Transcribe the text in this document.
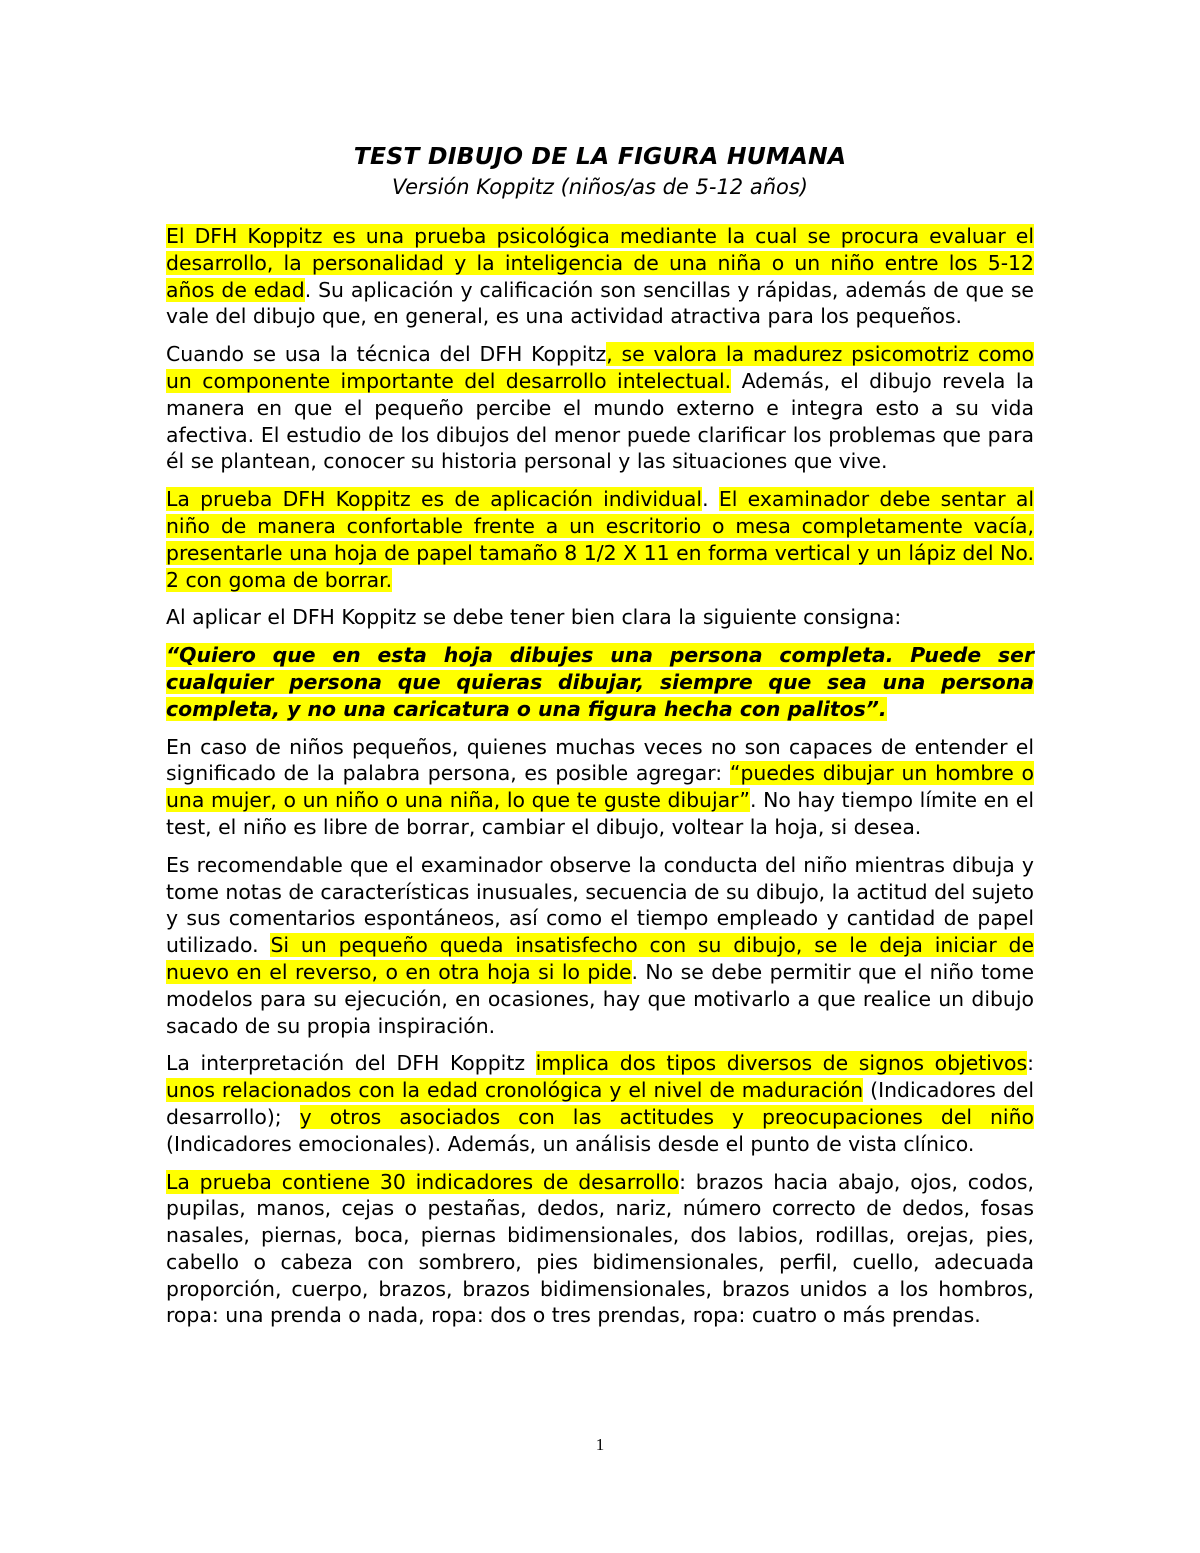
TEST DIBUJO DE LA FIGURA HUMANA
Versión Koppitz (niños/as de 5-12 años)

El DFH Koppitz es una prueba psicológica mediante la cual se procura evaluar el desarrollo, la personalidad y la inteligencia de una niña o un niño entre los 5-12 años de edad. Su aplicación y calificación son sencillas y rápidas, además de que se vale del dibujo que, en general, es una actividad atractiva para los pequeños.

Cuando se usa la técnica del DFH Koppitz, se valora la madurez psicomotriz como un componente importante del desarrollo intelectual. Además, el dibujo revela la manera en que el pequeño percibe el mundo externo e integra esto a su vida afectiva. El estudio de los dibujos del menor puede clarificar los problemas que para él se plantean, conocer su historia personal y las situaciones que vive.

La prueba DFH Koppitz es de aplicación individual. El examinador debe sentar al niño de manera confortable frente a un escritorio o mesa completamente vacía, presentarle una hoja de papel tamaño 8 1/2 X 11 en forma vertical y un lápiz del No. 2 con goma de borrar.

Al aplicar el DFH Koppitz se debe tener bien clara la siguiente consigna:

“Quiero que en esta hoja dibujes una persona completa. Puede ser cualquier persona que quieras dibujar, siempre que sea una persona completa, y no una caricatura o una figura hecha con palitos”.

En caso de niños pequeños, quienes muchas veces no son capaces de entender el significado de la palabra persona, es posible agregar: “puedes dibujar un hombre o una mujer, o un niño o una niña, lo que te guste dibujar”. No hay tiempo límite en el test, el niño es libre de borrar, cambiar el dibujo, voltear la hoja, si desea.

Es recomendable que el examinador observe la conducta del niño mientras dibuja y tome notas de características inusuales, secuencia de su dibujo, la actitud del sujeto y sus comentarios espontáneos, así como el tiempo empleado y cantidad de papel utilizado. Si un pequeño queda insatisfecho con su dibujo, se le deja iniciar de nuevo en el reverso, o en otra hoja si lo pide. No se debe permitir que el niño tome modelos para su ejecución, en ocasiones, hay que motivarlo a que realice un dibujo sacado de su propia inspiración.

La interpretación del DFH Koppitz implica dos tipos diversos de signos objetivos: unos relacionados con la edad cronológica y el nivel de maduración (Indicadores del desarrollo); y otros asociados con las actitudes y preocupaciones del niño (Indicadores emocionales). Además, un análisis desde el punto de vista clínico.

La prueba contiene 30 indicadores de desarrollo: brazos hacia abajo, ojos, codos, pupilas, manos, cejas o pestañas, dedos, nariz, número correcto de dedos, fosas nasales, piernas, boca, piernas bidimensionales, dos labios, rodillas, orejas, pies, cabello o cabeza con sombrero, pies bidimensionales, perfil, cuello, adecuada proporción, cuerpo, brazos, brazos bidimensionales, brazos unidos a los hombros, ropa: una prenda o nada, ropa: dos o tres prendas, ropa: cuatro o más prendas.

1
